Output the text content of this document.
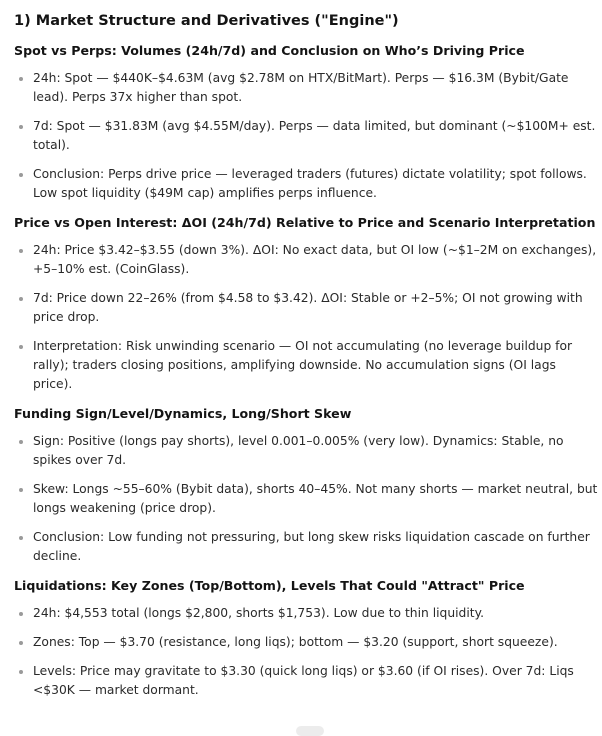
1) Market Structure and Derivatives ("Engine")
Spot vs Perps: Volumes (24h/7d) and Conclusion on Who’s Driving Price
24h: Spot — $440K–$4.63M (avg $2.78M on HTX/BitMart). Perps — $16.3M (Bybit/Gate lead). Perps 37x higher than spot.
7d: Spot — $31.83M (avg $4.55M/day). Perps — data limited, but dominant (~$100M+ est. total).
Conclusion: Perps drive price — leveraged traders (futures) dictate volatility; spot follows. Low spot liquidity ($49M cap) amplifies perps influence.
Price vs Open Interest: ΔOI (24h/7d) Relative to Price and Scenario Interpretation
24h: Price $3.42–$3.55 (down 3%). ΔOI: No exact data, but OI low (~$1–2M on exchanges), +5–10% est. (CoinGlass).
7d: Price down 22–26% (from $4.58 to $3.42). ΔOI: Stable or +2–5%; OI not growing with price drop.
Interpretation: Risk unwinding scenario — OI not accumulating (no leverage buildup for rally); traders closing positions, amplifying downside. No accumulation signs (OI lags price).
Funding Sign/Level/Dynamics, Long/Short Skew
Sign: Positive (longs pay shorts), level 0.001–0.005% (very low). Dynamics: Stable, no spikes over 7d.
Skew: Longs ~55–60% (Bybit data), shorts 40–45%. Not many shorts — market neutral, but longs weakening (price drop).
Conclusion: Low funding not pressuring, but long skew risks liquidation cascade on further decline.
Liquidations: Key Zones (Top/Bottom), Levels That Could "Attract" Price
24h: $4,553 total (longs $2,800, shorts $1,753). Low due to thin liquidity.
Zones: Top — $3.70 (resistance, long liqs); bottom — $3.20 (support, short squeeze).
Levels: Price may gravitate to $3.30 (quick long liqs) or $3.60 (if OI rises). Over 7d: Liqs <$30K — market dormant.
